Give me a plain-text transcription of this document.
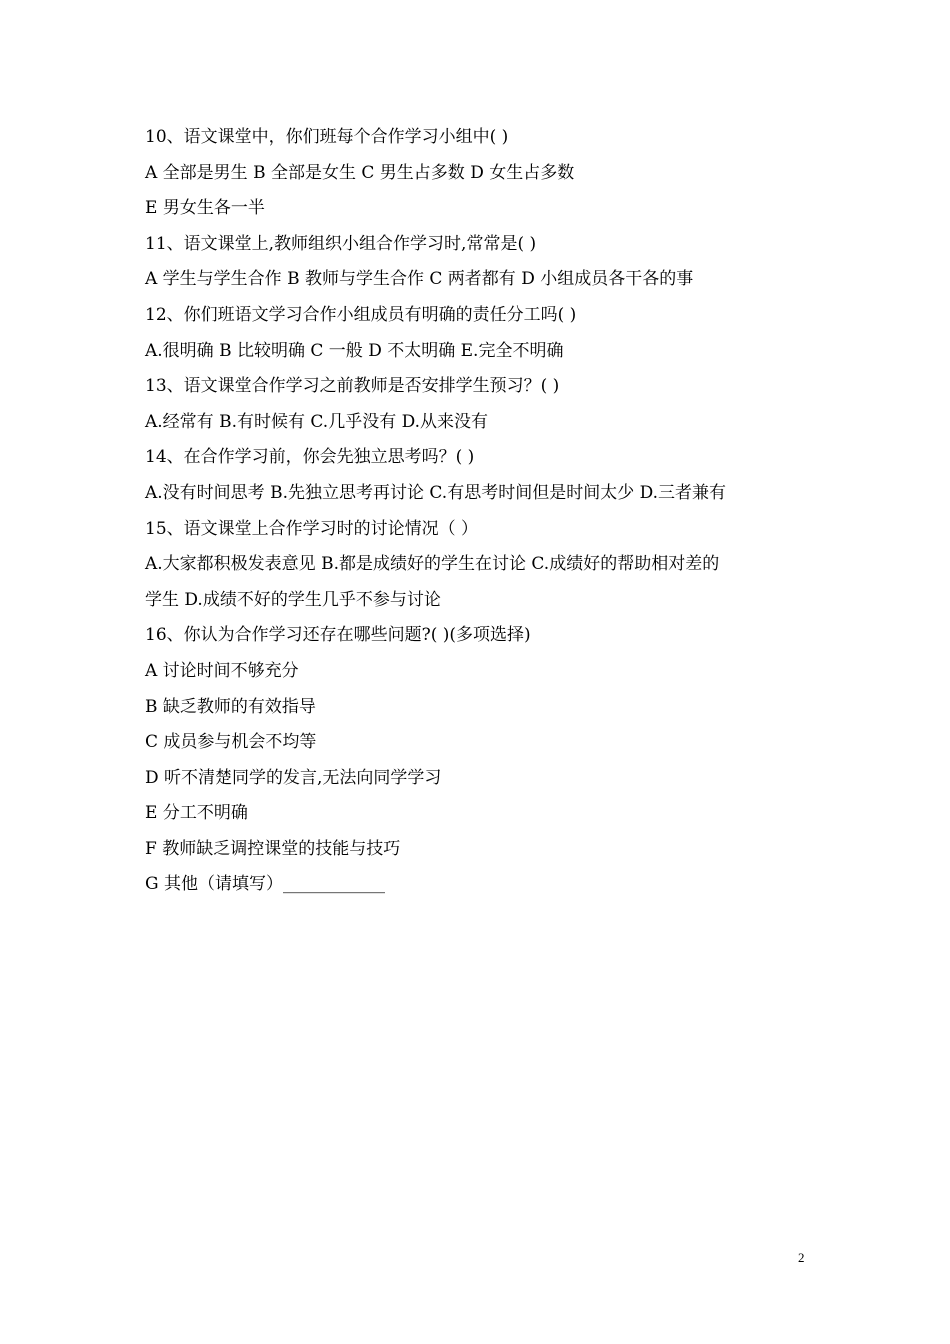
10、语文课堂中，你们班每个合作学习小组中( )
A 全部是男生 B 全部是女生 C 男生占多数 D 女生占多数
E 男女生各一半
11、语文课堂上,教师组织小组合作学习时,常常是( )
A 学生与学生合作 B 教师与学生合作 C 两者都有 D 小组成员各干各的事
12、你们班语文学习合作小组成员有明确的责任分工吗( )
A.很明确 B 比较明确 C 一般 D 不太明确 E.完全不明确
13、语文课堂合作学习之前教师是否安排学生预习？( )
A.经常有 B.有时候有 C.几乎没有 D.从来没有
14、在合作学习前，你会先独立思考吗？( )
A.没有时间思考 B.先独立思考再讨论 C.有思考时间但是时间太少 D.三者兼有
15、语文课堂上合作学习时的讨论情况（ ）
A.大家都积极发表意见 B.都是成绩好的学生在讨论 C.成绩好的帮助相对差的
学生 D.成绩不好的学生几乎不参与讨论
16、你认为合作学习还存在哪些问题?( )(多项选择)
A 讨论时间不够充分
B 缺乏教师的有效指导
C 成员参与机会不均等
D 听不清楚同学的发言,无法向同学学习
E 分工不明确
F 教师缺乏调控课堂的技能与技巧
G 其他（请填写）____________
2
